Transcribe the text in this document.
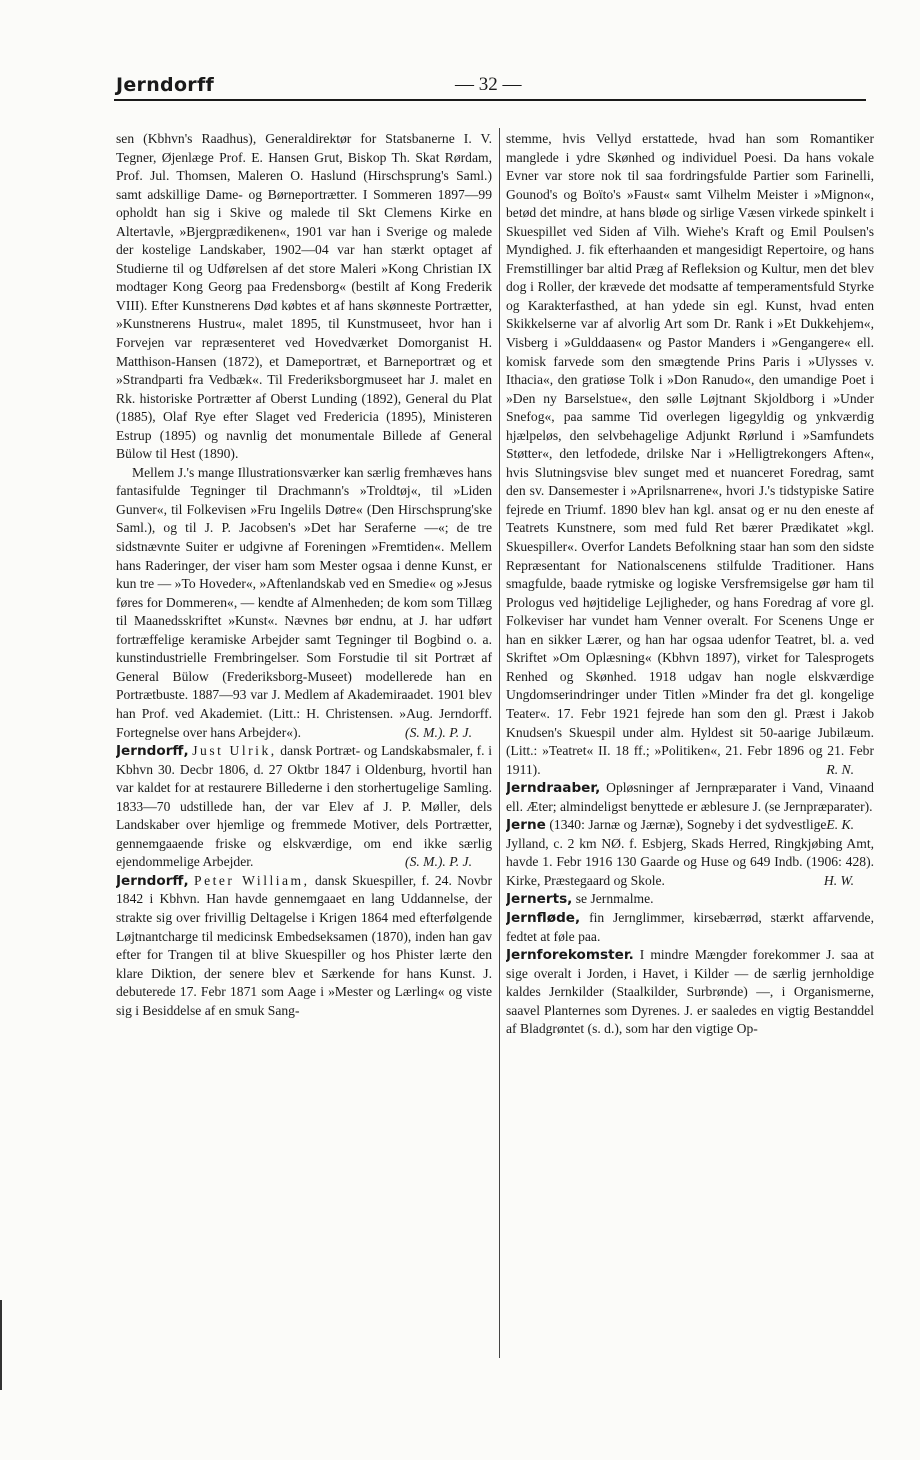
Jerndorff	— 32 —

sen (Kbhvn's Raadhus), Generaldirektør for Statsbanerne I. V. Tegner, Øjenlæge Prof. E. Hansen Grut, Biskop Th. Skat Rørdam, Prof. Jul. Thomsen, Maleren O. Haslund (Hirschsprung's Saml.) samt adskillige Dame- og Børneportrætter. I Sommeren 1897—99 opholdt han sig i Skive og malede til Skt Clemens Kirke en Altertavle, »Bjergprædikenen«, 1901 var han i Sverige og malede der kostelige Landskaber, 1902—04 var han stærkt optaget af Studierne til og Udførelsen af det store Maleri »Kong Christian IX modtager Kong Georg paa Fredensborg« (bestilt af Kong Frederik VIII). Efter Kunstnerens Død købtes et af hans skønneste Portrætter, »Kunstnerens Hustru«, malet 1895, til Kunstmuseet, hvor han i Forvejen var repræsenteret ved Hovedværket Domorganist H. Matthison-Hansen (1872), et Dameportræt, et Barneportræt og et »Strandparti fra Vedbæk«. Til Frederiksborgmuseet har J. malet en Rk. historiske Portrætter af Oberst Lunding (1892), General du Plat (1885), Olaf Rye efter Slaget ved Fredericia (1895), Ministeren Estrup (1895) og navnlig det monumentale Billede af General Bülow til Hest (1890).

Mellem J.'s mange Illustrationsværker kan særlig fremhæves hans fantasifulde Tegninger til Drachmann's »Troldtøj«, til »Liden Gunver«, til Folkevisen »Fru Ingelils Døtre« (Den Hirschsprung'ske Saml.), og til J. P. Jacobsen's »Det har Seraferne —«; de tre sidstnævnte Suiter er udgivne af Foreningen »Fremtiden«. Mellem hans Raderinger, der viser ham som Mester ogsaa i denne Kunst, er kun tre — »To Hoveder«, »Aftenlandskab ved en Smedie« og »Jesus føres for Dommeren«, — kendte af Almenheden; de kom som Tillæg til Maanedsskriftet »Kunst«. Nævnes bør endnu, at J. har udført fortræffelige keramiske Arbejder samt Tegninger til Bogbind o. a. kunstindustrielle Frembringelser. Som Forstudie til sit Portræt af General Bülow (Frederiksborg-Museet) modellerede han en Portrætbuste. 1887—93 var J. Medlem af Akademiraadet. 1901 blev han Prof. ved Akademiet. (Litt.: H. Christensen. »Aug. Jerndorff. Fortegnelse over hans Arbejder«).	(S. M.). P. J.

Jerndorff, Just Ulrik, dansk Portræt- og Landskabsmaler, f. i Kbhvn 30. Decbr 1806, d. 27 Oktbr 1847 i Oldenburg, hvortil han var kaldet for at restaurere Billederne i den storhertugelige Samling. 1833—70 udstillede han, der var Elev af J. P. Møller, dels Landskaber over hjemlige og fremmede Motiver, dels Portrætter, gennemgaaende friske og elskværdige, om end ikke særlig ejendommelige Arbejder.	(S. M.). P. J.

Jerndorff, Peter William, dansk Skuespiller, f. 24. Novbr 1842 i Kbhvn. Han havde gennemgaaet en lang Uddannelse, der strakte sig over frivillig Deltagelse i Krigen 1864 med efterfølgende Løjtnantcharge til medicinsk Embedseksamen (1870), inden han gav efter for Trangen til at blive Skuespiller og hos Phister lærte den klare Diktion, der senere blev et Særkende for hans Kunst. J. debuterede 17. Febr 1871 som Aage i »Mester og Lærling« og viste sig i Besiddelse af en smuk Sang-

stemme, hvis Vellyd erstattede, hvad han som Romantiker manglede i ydre Skønhed og individuel Poesi. Da hans vokale Evner var store nok til saa fordringsfulde Partier som Farinelli, Gounod's og Boïto's »Faust« samt Vilhelm Meister i »Mignon«, betød det mindre, at hans bløde og sirlige Væsen virkede spinkelt i Skuespillet ved Siden af Vilh. Wiehe's Kraft og Emil Poulsen's Myndighed. J. fik efterhaanden et mangesidigt Repertoire, og hans Fremstillinger bar altid Præg af Refleksion og Kultur, men det blev dog i Roller, der krævede det modsatte af temperamentsfuld Styrke og Karakterfasthed, at han ydede sin egl. Kunst, hvad enten Skikkelserne var af alvorlig Art som Dr. Rank i »Et Dukkehjem«, Visberg i »Gulddaasen« og Pastor Manders i »Gengangere« ell. komisk farvede som den smægtende Prins Paris i »Ulysses v. Ithacia«, den gratiøse Tolk i »Don Ranudo«, den umandige Poet i »Den ny Barselstue«, den sølle Løjtnant Skjoldborg i »Under Snefog«, paa samme Tid overlegen ligegyldig og ynkværdig hjælpeløs, den selvbehagelige Adjunkt Rørlund i »Samfundets Støtter«, den letfodede, drilske Nar i »Helligtrekongers Aften«, hvis Slutningsvise blev sunget med et nuanceret Foredrag, samt den sv. Dansemester i »Aprilsnarrene«, hvori J.'s tidstypiske Satire fejrede en Triumf. 1890 blev han kgl. ansat og er nu den eneste af Teatrets Kunstnere, som med fuld Ret bærer Prædikatet »kgl. Skuespiller«. Overfor Landets Befolkning staar han som den sidste Repræsentant for Nationalscenens stilfulde Traditioner. Hans smagfulde, baade rytmiske og logiske Versfremsigelse gør ham til Prologus ved højtidelige Lejligheder, og hans Foredrag af vore gl. Folkeviser har vundet ham Venner overalt. For Scenens Unge er han en sikker Lærer, og han har ogsaa udenfor Teatret, bl. a. ved Skriftet »Om Oplæsning« (Kbhvn 1897), virket for Talesprogets Renhed og Skønhed. 1918 udgav han nogle elskværdige Ungdomserindringer under Titlen »Minder fra det gl. kongelige Teater«. 17. Febr 1921 fejrede han som den gl. Præst i Jakob Knudsen's Skuespil under alm. Hyldest sit 50-aarige Jubilæum. (Litt.: »Teatret« II. 18 ff.; »Politiken«, 21. Febr 1896 og 21. Febr 1911).	R. N.

Jerndraaber, Opløsninger af Jernpræparater i Vand, Vinaand ell. Æter; almindeligst benyttede er æblesure J. (se Jernpræparater).
E. K.

Jerne (1340: Jarnæ og Jærnæ), Sogneby i det sydvestlige Jylland, c. 2 km NØ. f. Esbjerg, Skads Herred, Ringkjøbing Amt, havde 1. Febr 1916 130 Gaarde og Huse og 649 Indb. (1906: 428). Kirke, Præstegaard og Skole.	H. W.

Jernerts, se Jernmalme.

Jernfløde, fin Jernglimmer, kirsebærrød, stærkt affarvende, fedtet at føle paa.

Jernforekomster. I mindre Mængder forekommer J. saa at sige overalt i Jorden, i Havet, i Kilder — de særlig jernholdige kaldes Jernkilder (Staalkilder, Surbrønde) —, i Organismerne, saavel Planternes som Dyrenes. J. er saaledes en vigtig Bestanddel af Bladgrøntet (s. d.), som har den vigtige Op-
